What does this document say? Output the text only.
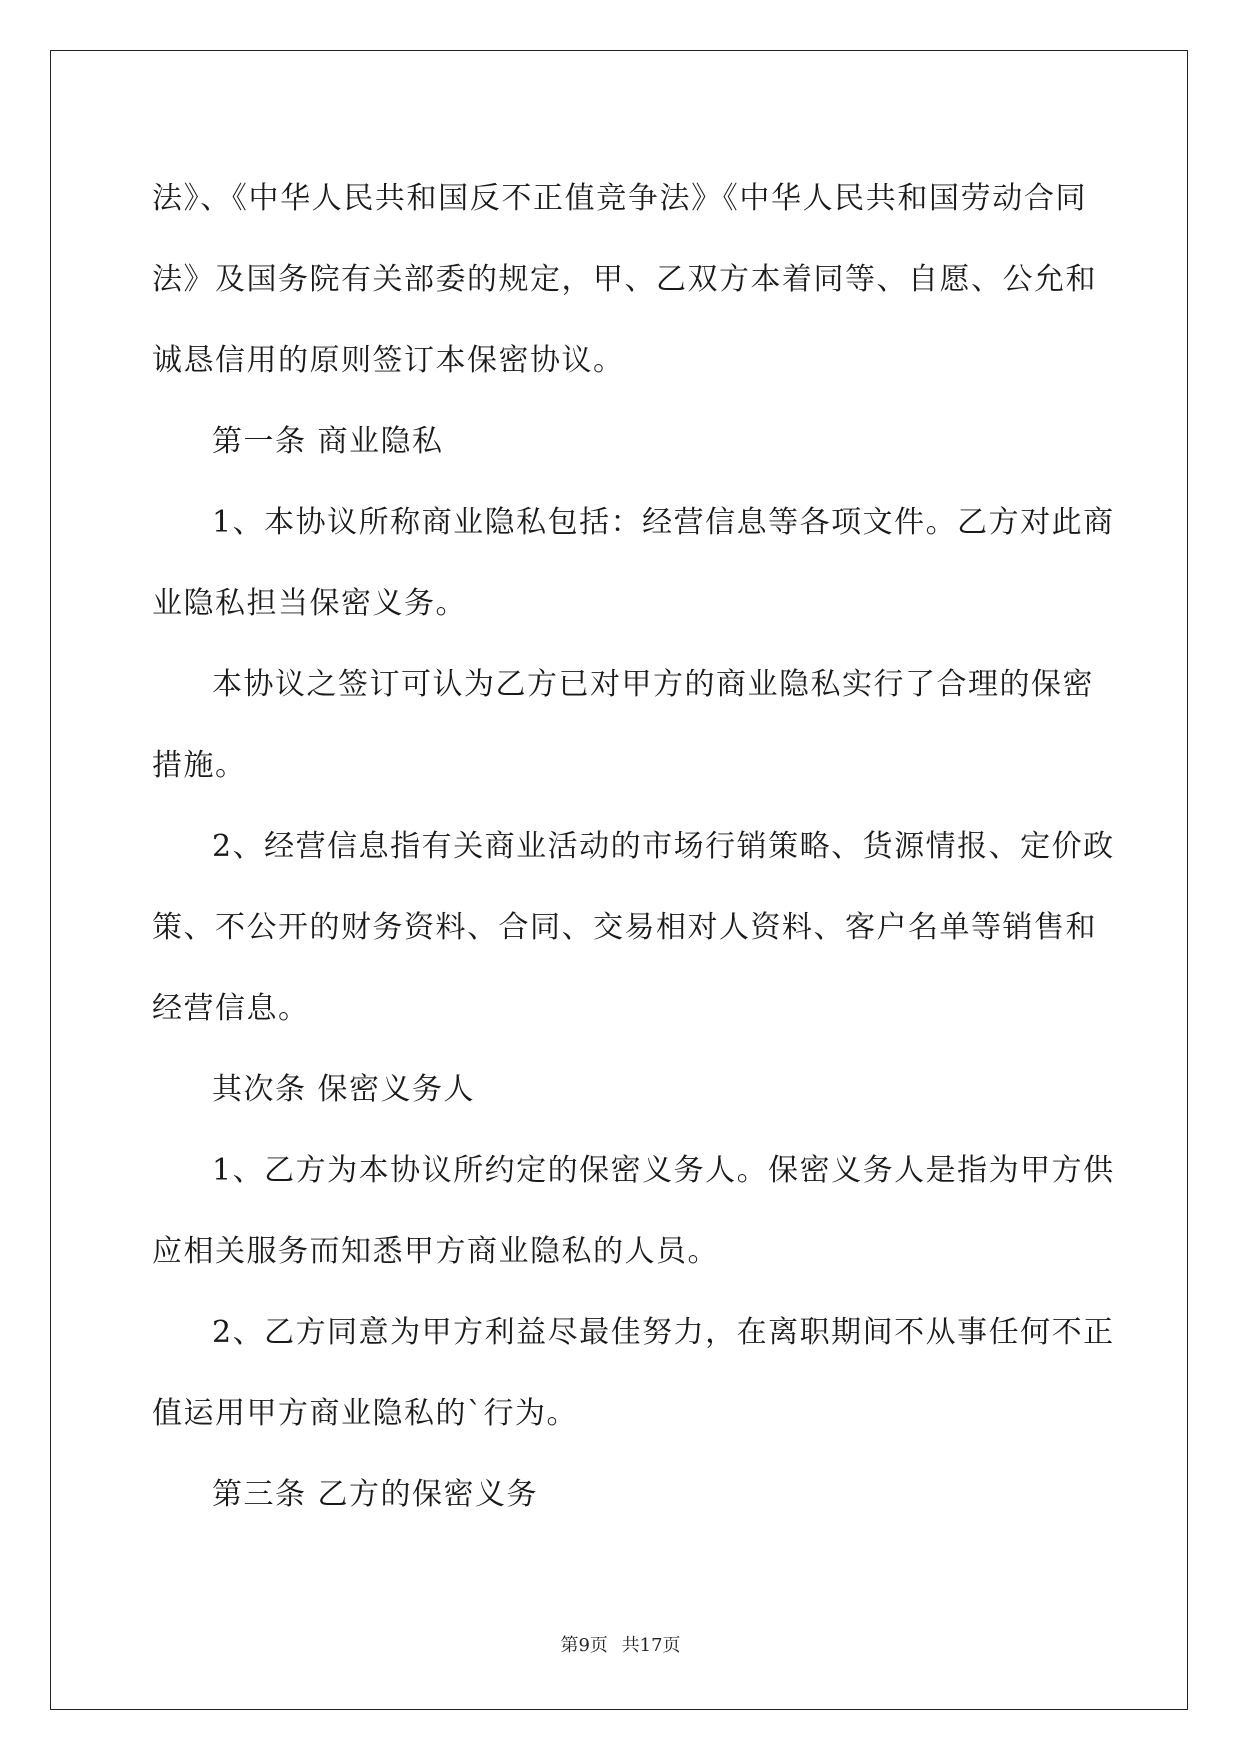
法》、《中华人民共和国反不正值竞争法》《中华人民共和国劳动合同
法》及国务院有关部委的规定，甲、乙双方本着同等、自愿、公允和
诚恳信用的原则签订本保密协议。
第一条 商业隐私
1、本协议所称商业隐私包括：经营信息等各项文件。乙方对此商
业隐私担当保密义务。
本协议之签订可认为乙方已对甲方的商业隐私实行了合理的保密
措施。
2、经营信息指有关商业活动的市场行销策略、货源情报、定价政
策、不公开的财务资料、合同、交易相对人资料、客户名单等销售和
经营信息。
其次条 保密义务人
1、乙方为本协议所约定的保密义务人。保密义务人是指为甲方供
应相关服务而知悉甲方商业隐私的人员。
2、乙方同意为甲方利益尽最佳努力，在离职期间不从事任何不正
值运用甲方商业隐私的`行为。
第三条 乙方的保密义务
第9页 共17页
